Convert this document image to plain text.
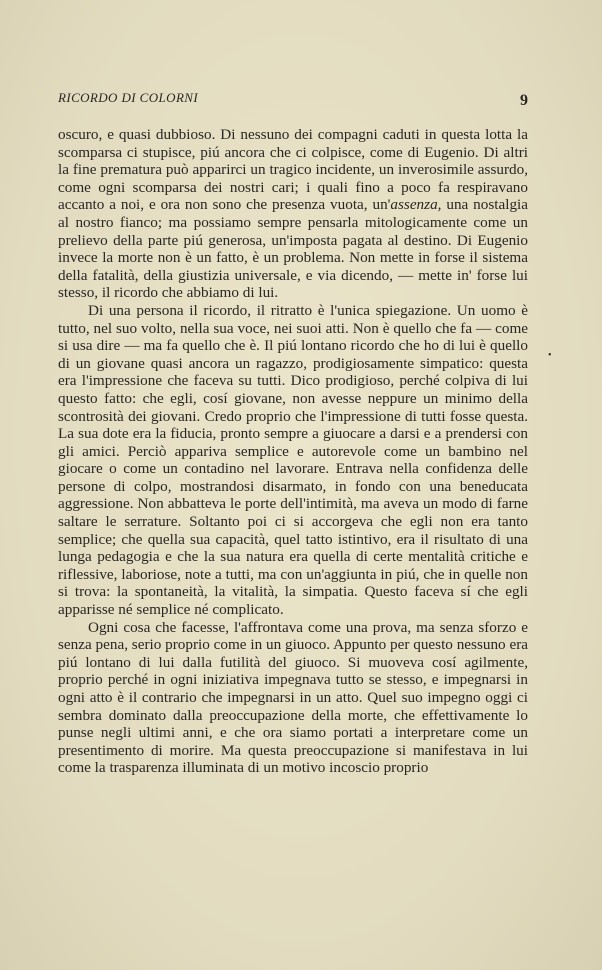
RICORDO DI COLORNI	9

oscuro, e quasi dubbioso. Di nessuno dei compagni caduti in questa lotta la scomparsa ci stupisce, piú ancora che ci colpisce, come di Eugenio. Di altri la fine prematura può apparirci un tragico incidente, un inverosimile assurdo, come ogni scomparsa dei nostri cari; i quali fino a poco fa respiravano accanto a noi, e ora non sono che presenza vuota, un'assenza, una nostalgia al nostro fianco; ma possiamo sempre pensarla mitologicamente come un prelievo della parte piú generosa, un'imposta pagata al destino. Di Eugenio invece la morte non è un fatto, è un problema. Non mette in forse il sistema della fatalità, della giustizia universale, e via dicendo, — mette in' forse lui stesso, il ricordo che abbiamo di lui.

Di una persona il ricordo, il ritratto è l'unica spiegazione. Un uomo è tutto, nel suo volto, nella sua voce, nei suoi atti. Non è quello che fa — come si usa dire — ma fa quello che è. Il piú lontano ricordo che ho di lui è quello di un giovane quasi ancora un ragazzo, prodigiosamente simpatico: questa era l'impressione che faceva su tutti. Dico prodigioso, perché colpiva di lui questo fatto: che egli, cosí giovane, non avesse neppure un minimo della scontrosità dei giovani. Credo proprio che l'impressione di tutti fosse questa. La sua dote era la fiducia, pronto sempre a giuocare a darsi e a prendersi con gli amici. Perciò appariva semplice e autorevole come un bambino nel giocare o come un contadino nel lavorare. Entrava nella confidenza delle persone di colpo, mostrandosi disarmato, in fondo con una beneducata aggressione. Non abbatteva le porte dell'intimità, ma aveva un modo di farne saltare le serrature. Soltanto poi ci si accorgeva che egli non era tanto semplice; che quella sua capacità, quel tatto istintivo, era il risultato di una lunga pedagogia e che la sua natura era quella di certe mentalità critiche e riflessive, laboriose, note a tutti, ma con un'aggiunta in piú, che in quelle non si trova: la spontaneità, la vitalità, la simpatia. Questo faceva sí che egli apparisse né semplice né complicato.

Ogni cosa che facesse, l'affrontava come una prova, ma senza sforzo e senza pena, serio proprio come in un giuoco. Appunto per questo nessuno era piú lontano di lui dalla futilità del giuoco. Si muoveva cosí agilmente, proprio perché in ogni iniziativa impegnava tutto se stesso, e impegnarsi in ogni atto è il contrario che impegnarsi in un atto. Quel suo impegno oggi ci sembra dominato dalla preoccupazione della morte, che effettivamente lo punse negli ultimi anni, e che ora siamo portati a interpretare come un presentimento di morire. Ma questa preoccupazione si manifestava in lui come la trasparenza illuminata di un motivo incoscio proprio

•
